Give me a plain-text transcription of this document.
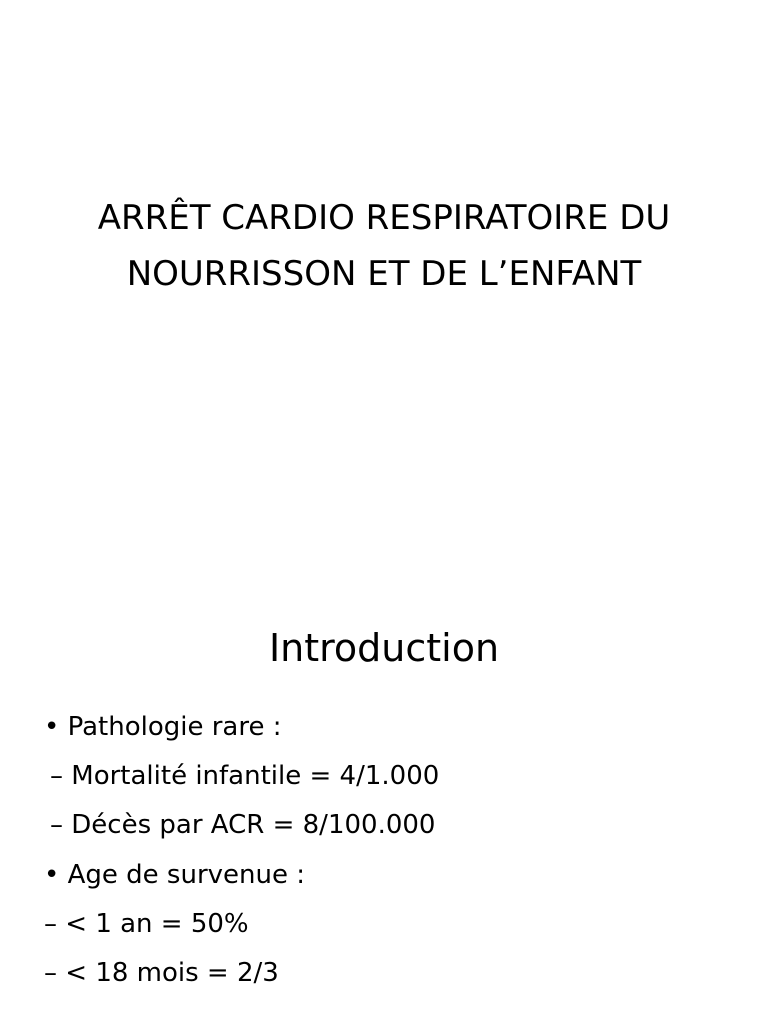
ARRÊT CARDIO RESPIRATOIRE DU
NOURRISSON ET DE L’ENFANT
Introduction
• Pathologie rare :
– Mortalité infantile = 4/1.000
– Décès par ACR = 8/100.000
• Age de survenue :
– < 1 an = 50%
– < 18 mois = 2/3
